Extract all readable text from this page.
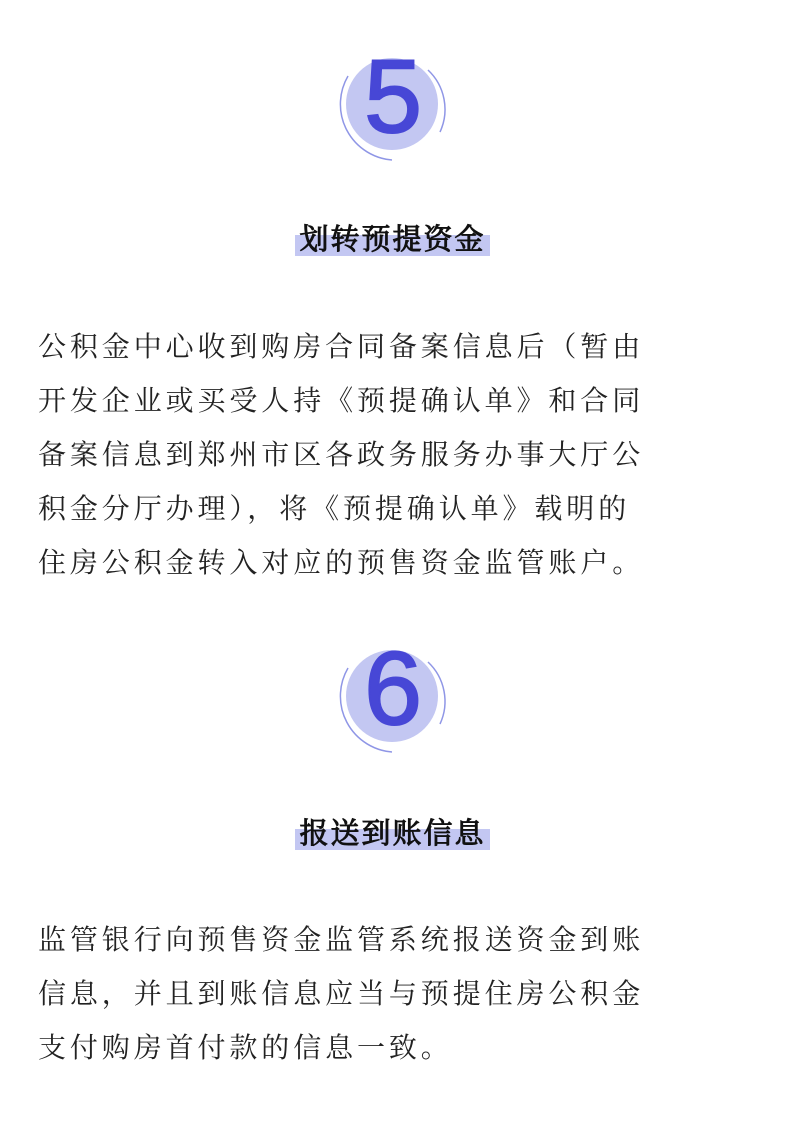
5
划转预提资金

公积金中心收到购房合同备案信息后（暂由
开发企业或买受人持《预提确认单》和合同
备案信息到郑州市区各政务服务办事大厅公
积金分厅办理），将《预提确认单》载明的
住房公积金转入对应的预售资金监管账户。

6
报送到账信息

监管银行向预售资金监管系统报送资金到账
信息，并且到账信息应当与预提住房公积金
支付购房首付款的信息一致。
